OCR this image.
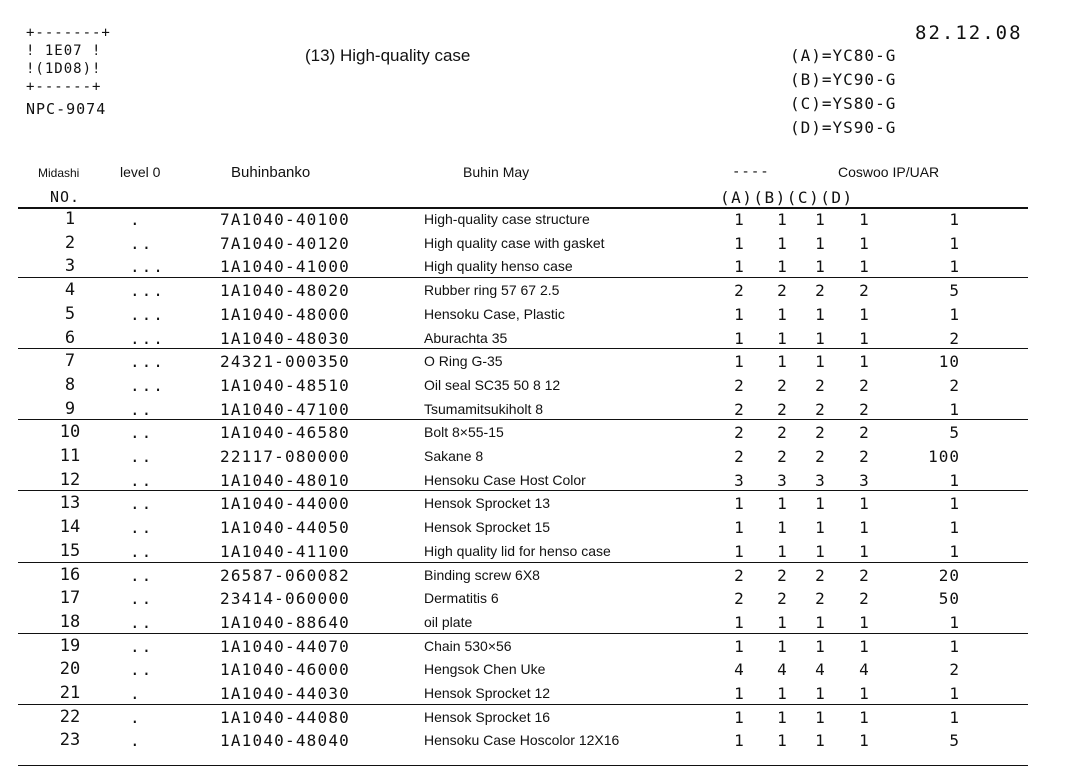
+-------+
! 1E07 !
!(1D08)!
+------+
NPC-9074
(13) High-quality case
82.12.08
(A)=YC80-G
(B)=YC90-G
(C)=YS80-G
(D)=YS90-G
Midashi
NO.
level 0	Buhinbanko	Buhin May	----	Coswoo IP/UAR
(A)(B)(C)(D)
1	.	7A1040-40100	High-quality case structure	1	1	1	1	1
2	..	7A1040-40120	High quality case with gasket	1	1	1	1	1
3	...	1A1040-41000	High quality henso case	1	1	1	1	1
4	...	1A1040-48020	Rubber ring 57 67 2.5	2	2	2	2	5
5	...	1A1040-48000	Hensoku Case, Plastic	1	1	1	1	1
6	...	1A1040-48030	Aburachta 35	1	1	1	1	2
7	...	24321-000350	O Ring G-35	1	1	1	1	10
8	...	1A1040-48510	Oil seal SC35 50 8 12	2	2	2	2	2
9	..	1A1040-47100	Tsumamitsukiholt 8	2	2	2	2	1
10	..	1A1040-46580	Bolt 8×55-15	2	2	2	2	5
11	..	22117-080000	Sakane 8	2	2	2	2	100
12	..	1A1040-48010	Hensoku Case Host Color	3	3	3	3	1
13	..	1A1040-44000	Hensok Sprocket 13	1	1	1	1	1
14	..	1A1040-44050	Hensok Sprocket 15	1	1	1	1	1
15	..	1A1040-41100	High quality lid for henso case	1	1	1	1	1
16	..	26587-060082	Binding screw 6X8	2	2	2	2	20
17	..	23414-060000	Dermatitis 6	2	2	2	2	50
18	..	1A1040-88640	oil plate	1	1	1	1	1
19	..	1A1040-44070	Chain 530×56	1	1	1	1	1
20	..	1A1040-46000	Hengsok Chen Uke	4	4	4	4	2
21	.	1A1040-44030	Hensok Sprocket 12	1	1	1	1	1
22	.	1A1040-44080	Hensok Sprocket 16	1	1	1	1	1
23	.	1A1040-48040	Hensoku Case Hoscolor 12X16	1	1	1	1	5
